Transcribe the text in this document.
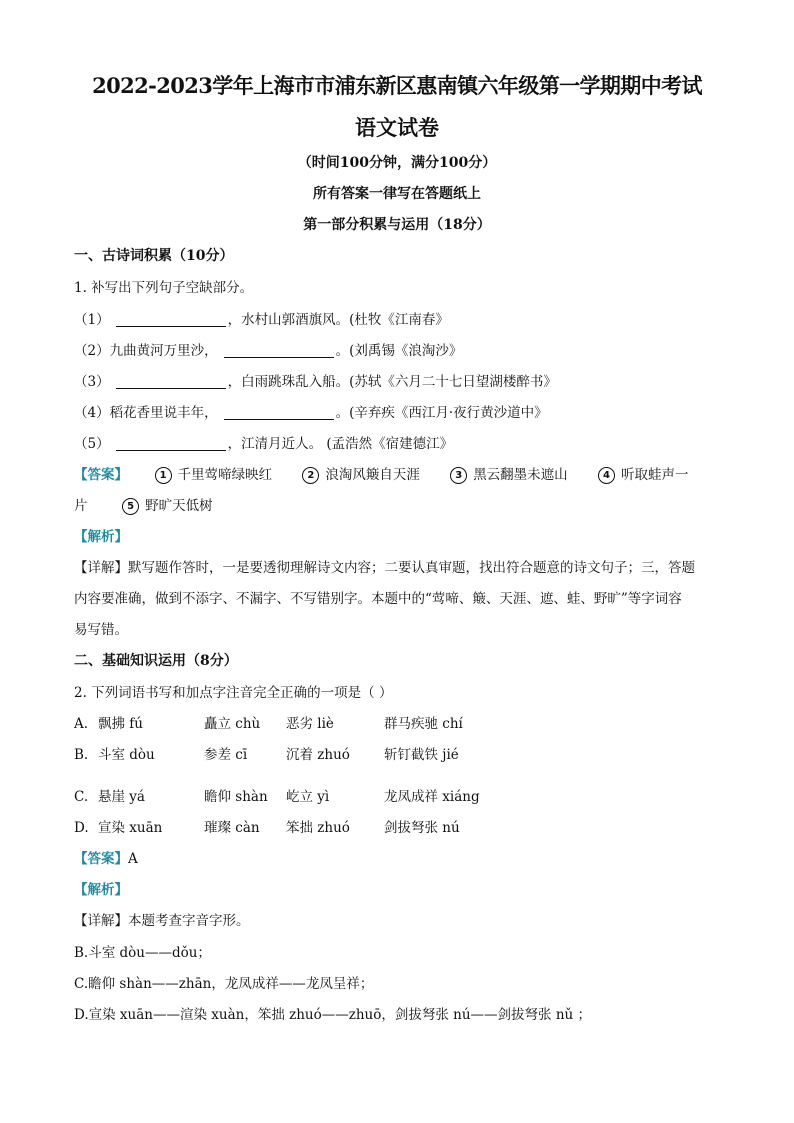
2022-2023学年上海市市浦东新区惠南镇六年级第一学期期中考试
语文试卷
（时间100分钟，满分100分）
所有答案一律写在答题纸上
第一部分积累与运用（18分）
一、古诗词积累（10分）
1. 补写出下列句子空缺部分。
（1）	，水村山郭酒旗风。(杜牧《江南春》
（2）九曲黄河万里沙，	。(刘禹锡《浪淘沙》
（3）	，白雨跳珠乱入船。(苏轼《六月二十七日望湖楼醉书》
（4）稻花香里说丰年，	。(辛弃疾《西江月·夜行黄沙道中》
（5）	，江清月近人。 (孟浩然《宿建德江》
【答案】	1 千里莺啼绿映红	2 浪淘风簸自天涯	3 黑云翻墨未遮山	4 听取蛙声一
片	5 野旷天低树
【解析】
【详解】默写题作答时，一是要透彻理解诗文内容；二要认真审题，找出符合题意的诗文句子；三，答题
内容要准确，做到不添字、不漏字、不写错别字。本题中的“莺啼、簸、天涯、遮、蛙、野旷”等字词容
易写错。
二、基础知识运用（8分）
2. 下列词语书写和加点字注音完全正确的一项是（ ）
A. 飘拂 fú	矗立 chù 恶劣 liè	群马疾驰 chí
B. 斗室 dòu	参差 cī	沉着 zhuó	斩钉截铁 jié
C. 悬崖 yá	瞻仰 shàn 屹立 yì	龙凤成祥 xiáng
D. 宣染 xuān	璀璨 càn 笨拙 zhuó	剑拔弩张 nú
【答案】A
【解析】
【详解】本题考查字音字形。
B.斗室 dòu——dǒu；
C.瞻仰 shàn——zhān，龙凤成祥——龙凤呈祥；
D.宣染 xuān——渲染 xuàn，笨拙 zhuó——zhuō，剑拔弩张 nú——剑拔弩张 nǔ ；
